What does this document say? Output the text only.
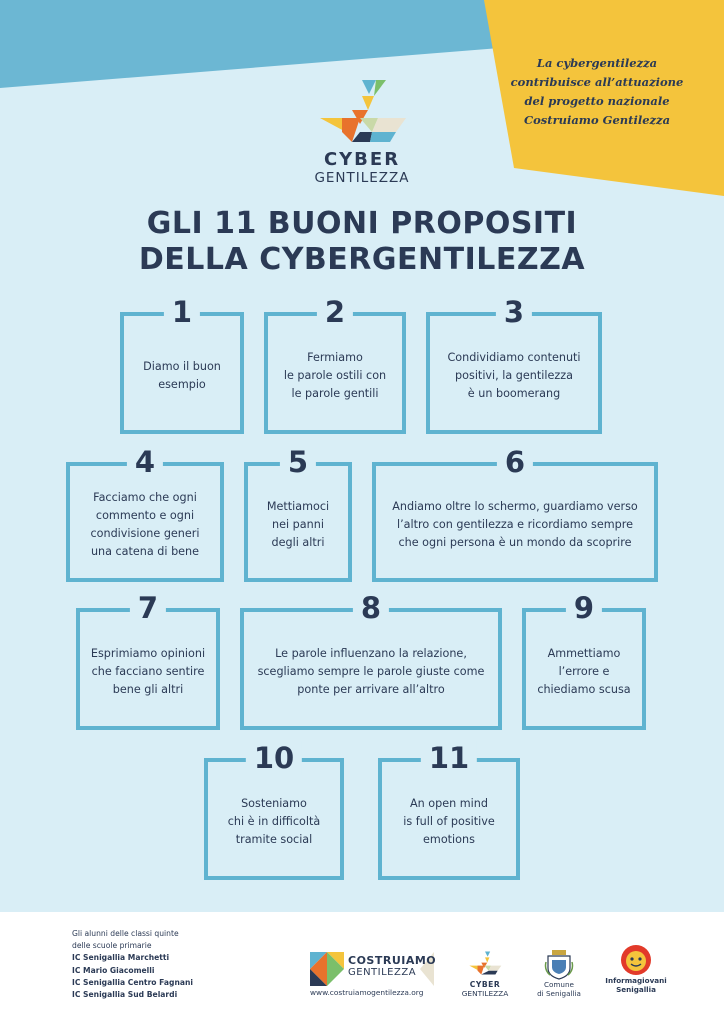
La cybergentilezza
contribuisce all’attuazione
del progetto nazionale
Costruiamo Gentilezza
CYBER
GENTILEZZA
GLI 11 BUONI PROPOSITI
DELLA CYBERGENTILEZZA
1
Diamo il buon
esempio
2
Fermiamo
le parole ostili con
le parole gentili
3
Condividiamo contenuti
positivi, la gentilezza
è un boomerang
4
Facciamo che ogni
commento e ogni
condivisione generi
una catena di bene
5
Mettiamoci
nei panni
degli altri
6
Andiamo oltre lo schermo, guardiamo verso
l’altro con gentilezza e ricordiamo sempre
che ogni persona è un mondo da scoprire
7
Esprimiamo opinioni
che facciano sentire
bene gli altri
8
Le parole influenzano la relazione,
scegliamo sempre le parole giuste come
ponte per arrivare all’altro
9
Ammettiamo
l’errore e
chiediamo scusa
10
Sosteniamo
chi è in difficoltà
tramite social
11
An open mind
is full of positive
emotions
Gli alunni delle classi quinte
delle scuole primarie
IC Senigallia Marchetti
IC Mario Giacomelli
IC Senigallia Centro Fagnani
IC Senigallia Sud Belardi
COSTRUIAMO
GENTILEZZA
www.costruiamogentilezza.org
CYBER
GENTILEZZA
Comune
di Senigallia
Informagiovani
Senigallia
